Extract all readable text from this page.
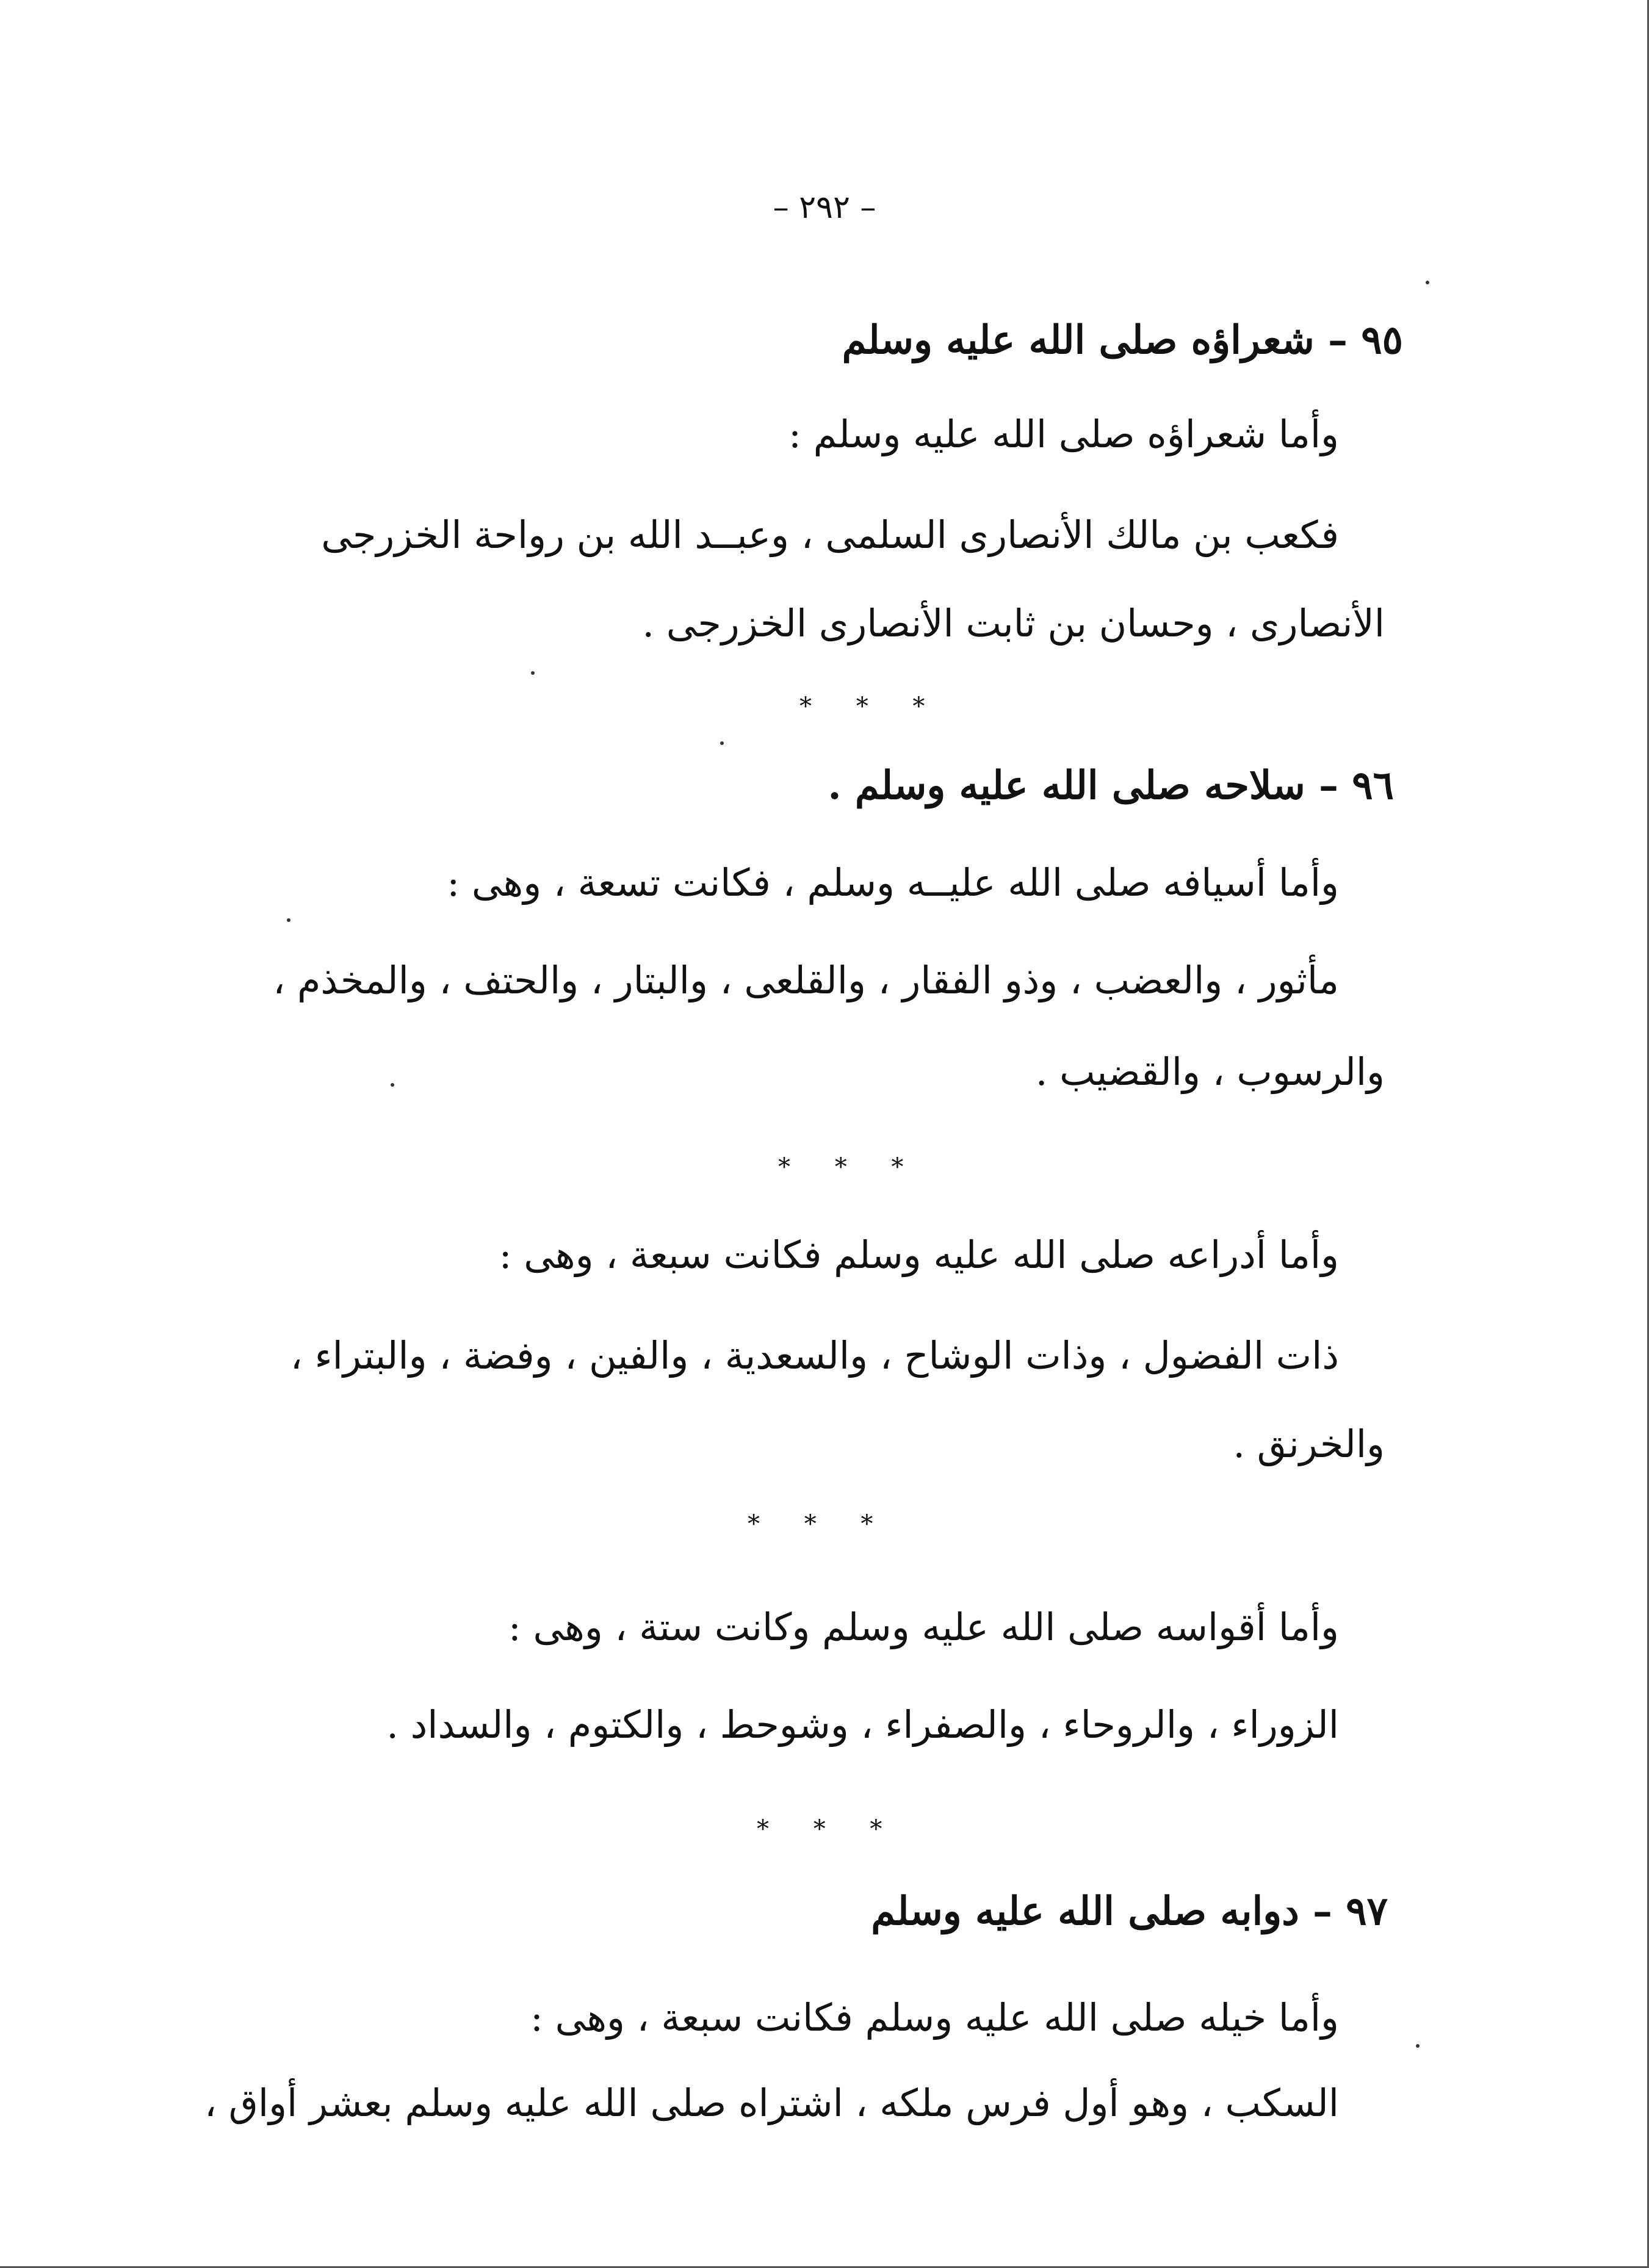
– ٢٩٢ –
٩٥ – شعراؤه صلى الله عليه وسلم
وأما شعراؤه صلى الله عليه وسلم :
فكعب بن مالك الأنصارى السلمى ، وعبــد الله بن رواحة الخزرجى
الأنصارى ، وحسان بن ثابت الأنصارى الخزرجى .
* * *
٩٦ – سلاحه صلى الله عليه وسلم .
وأما أسيافه صلى الله عليــه وسلم ، فكانت تسعة ، وهى :
مأثور ، والعضب ، وذو الفقار ، والقلعى ، والبتار ، والحتف ، والمخذم ،
والرسوب ، والقضيب .
* * *
وأما أدراعه صلى الله عليه وسلم فكانت سبعة ، وهى :
ذات الفضول ، وذات الوشاح ، والسعدية ، والفين ، وفضة ، والبتراء ،
والخرنق .
* * *
وأما أقواسه صلى الله عليه وسلم وكانت ستة ، وهى :
الزوراء ، والروحاء ، والصفراء ، وشوحط ، والكتوم ، والسداد .
* * *
٩٧ – دوابه صلى الله عليه وسلم
وأما خيله صلى الله عليه وسلم فكانت سبعة ، وهى :
السكب ، وهو أول فرس ملكه ، اشتراه صلى الله عليه وسلم بعشر أواق ،
